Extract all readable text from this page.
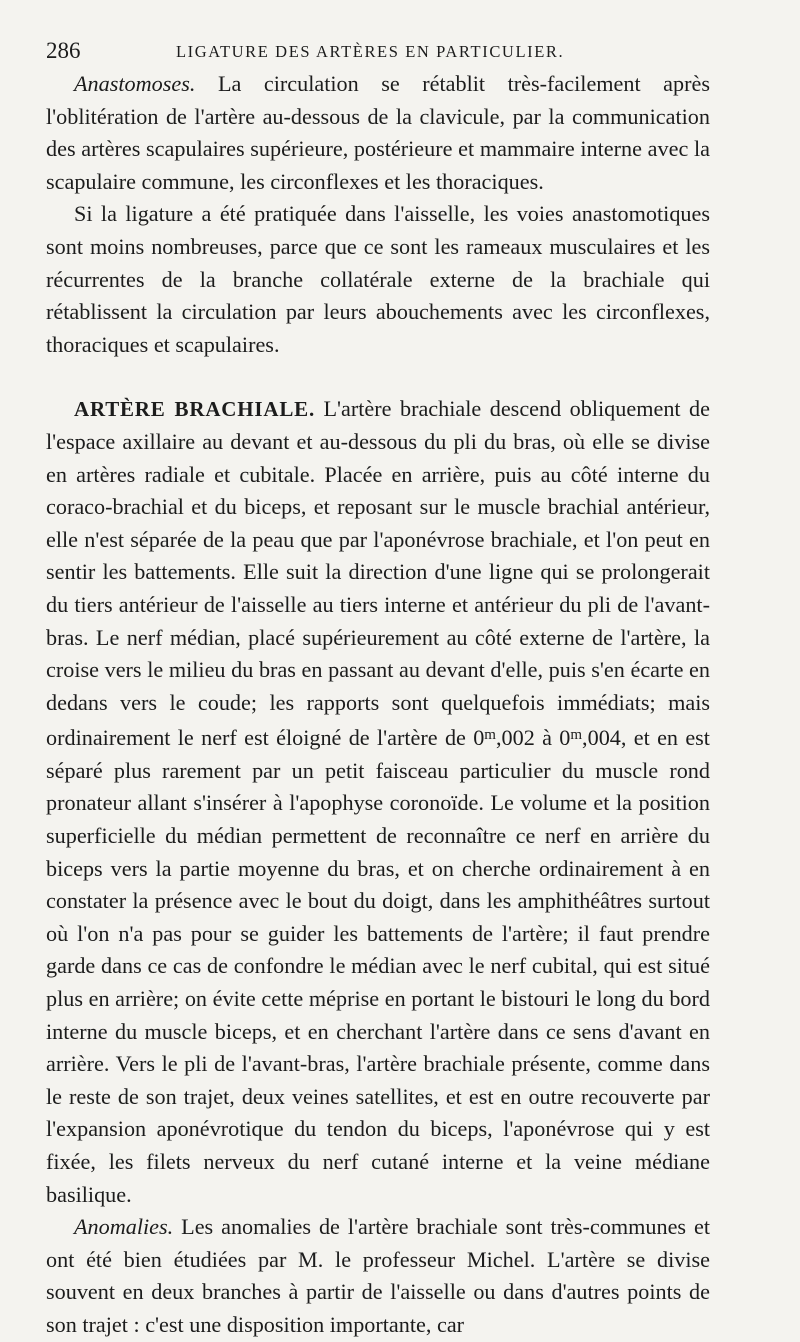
286	LIGATURE DES ARTÈRES EN PARTICULIER.

Anastomoses. La circulation se rétablit très-facilement après l'oblitération de l'artère au-dessous de la clavicule, par la communication des artères scapulaires supérieure, postérieure et mammaire interne avec la scapulaire commune, les circonflexes et les thoraciques.

Si la ligature a été pratiquée dans l'aisselle, les voies anastomotiques sont moins nombreuses, parce que ce sont les rameaux musculaires et les récurrentes de la branche collatérale externe de la brachiale qui rétablissent la circulation par leurs abouchements avec les circonflexes, thoraciques et scapulaires.

ARTÈRE BRACHIALE. L'artère brachiale descend obliquement de l'espace axillaire au devant et au-dessous du pli du bras, où elle se divise en artères radiale et cubitale. Placée en arrière, puis au côté interne du coraco-brachial et du biceps, et reposant sur le muscle brachial antérieur, elle n'est séparée de la peau que par l'aponévrose brachiale, et l'on peut en sentir les battements. Elle suit la direction d'une ligne qui se prolongerait du tiers antérieur de l'aisselle au tiers interne et antérieur du pli de l'avant-bras. Le nerf médian, placé supérieurement au côté externe de l'artère, la croise vers le milieu du bras en passant au devant d'elle, puis s'en écarte en dedans vers le coude; les rapports sont quelquefois immédiats; mais ordinairement le nerf est éloigné de l'artère de 0$^m$,002 à 0$^m$,004, et en est séparé plus rarement par un petit faisceau particulier du muscle rond pronateur allant s'insérer à l'apophyse coronoïde. Le volume et la position superficielle du médian permettent de reconnaître ce nerf en arrière du biceps vers la partie moyenne du bras, et on cherche ordinairement à en constater la présence avec le bout du doigt, dans les amphithéâtres surtout où l'on n'a pas pour se guider les battements de l'artère; il faut prendre garde dans ce cas de confondre le médian avec le nerf cubital, qui est situé plus en arrière; on évite cette méprise en portant le bistouri le long du bord interne du muscle biceps, et en cherchant l'artère dans ce sens d'avant en arrière. Vers le pli de l'avant-bras, l'artère brachiale présente, comme dans le reste de son trajet, deux veines satellites, et est en outre recouverte par l'expansion aponévrotique du tendon du biceps, l'aponévrose qui y est fixée, les filets nerveux du nerf cutané interne et la veine médiane basilique.

Anomalies. Les anomalies de l'artère brachiale sont très-communes et ont été bien étudiées par M. le professeur Michel. L'artère se divise souvent en deux branches à partir de l'aisselle ou dans d'autres points de son trajet : c'est une disposition importante, car
